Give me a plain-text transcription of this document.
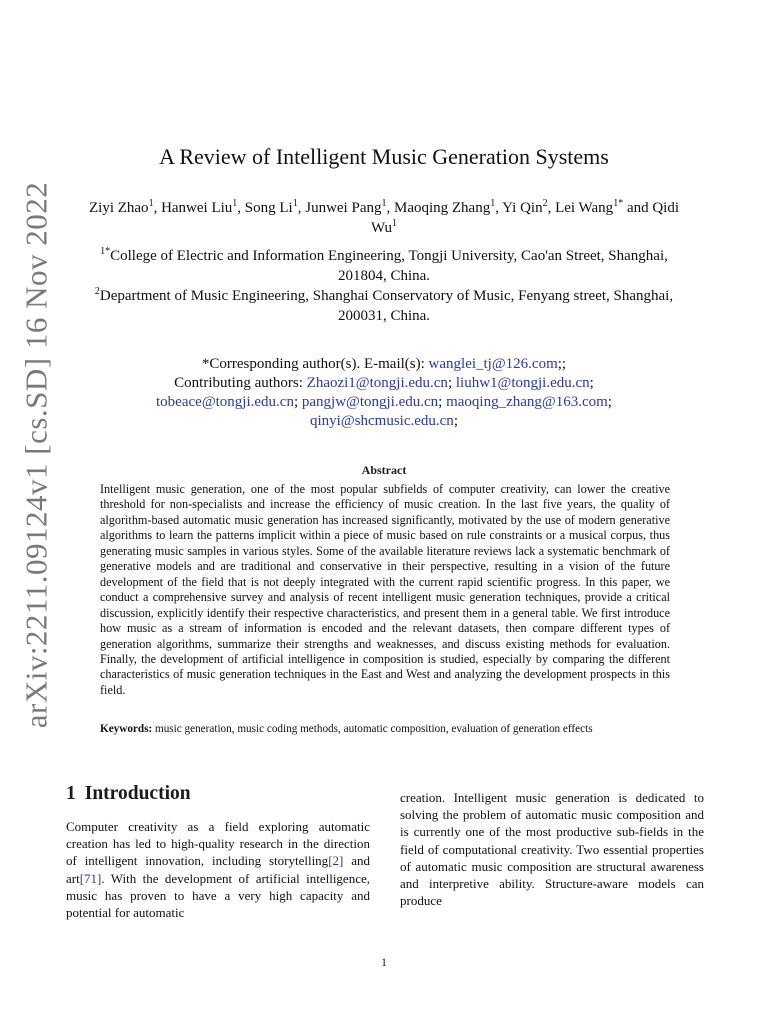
arXiv:2211.09124v1 [cs.SD] 16 Nov 2022
A Review of Intelligent Music Generation Systems
Ziyi Zhao$^1$, Hanwei Liu$^1$, Song Li$^1$, Junwei Pang$^1$, Maoqing Zhang$^1$, Yi Qin$^2$, Lei Wang$^{1*}$ and Qidi Wu$^1$
$^{1*}$College of Electric and Information Engineering, Tongji University, Cao'an Street, Shanghai, 201804, China.
$^2$Department of Music Engineering, Shanghai Conservatory of Music, Fenyang street, Shanghai, 200031, China.
*Corresponding author(s). E-mail(s): wanglei_tj@126.com;;
Contributing authors: Zhaozi1@tongji.edu.cn; liuhw1@tongji.edu.cn;
tobeace@tongji.edu.cn; pangjw@tongji.edu.cn; maoqing_zhang@163.com;
qinyi@shcmusic.edu.cn;
Abstract
Intelligent music generation, one of the most popular subfields of computer creativity, can lower the creative threshold for non-specialists and increase the efficiency of music creation. In the last five years, the quality of algorithm-based automatic music generation has increased significantly, motivated by the use of modern generative algorithms to learn the patterns implicit within a piece of music based on rule constraints or a musical corpus, thus generating music samples in various styles. Some of the available literature reviews lack a systematic benchmark of generative models and are traditional and conservative in their perspective, resulting in a vision of the future development of the field that is not deeply integrated with the current rapid scientific progress. In this paper, we conduct a comprehensive survey and analysis of recent intelligent music generation techniques, provide a critical discussion, explicitly identify their respective characteristics, and present them in a general table. We first introduce how music as a stream of information is encoded and the relevant datasets, then compare different types of generation algorithms, summarize their strengths and weaknesses, and discuss existing methods for evaluation. Finally, the development of artificial intelligence in composition is studied, especially by comparing the different characteristics of music generation techniques in the East and West and analyzing the development prospects in this field.
Keywords: music generation, music coding methods, automatic composition, evaluation of generation effects
1 Introduction
Computer creativity as a field exploring automatic creation has led to high-quality research in the direction of intelligent innovation, including storytelling[2] and art[71]. With the development of artificial intelligence, music has proven to have a very high capacity and potential for automatic
creation. Intelligent music generation is dedicated to solving the problem of automatic music composition and is currently one of the most productive sub-fields in the field of computational creativity. Two essential properties of automatic music composition are structural awareness and interpretive ability. Structure-aware models can produce
1
